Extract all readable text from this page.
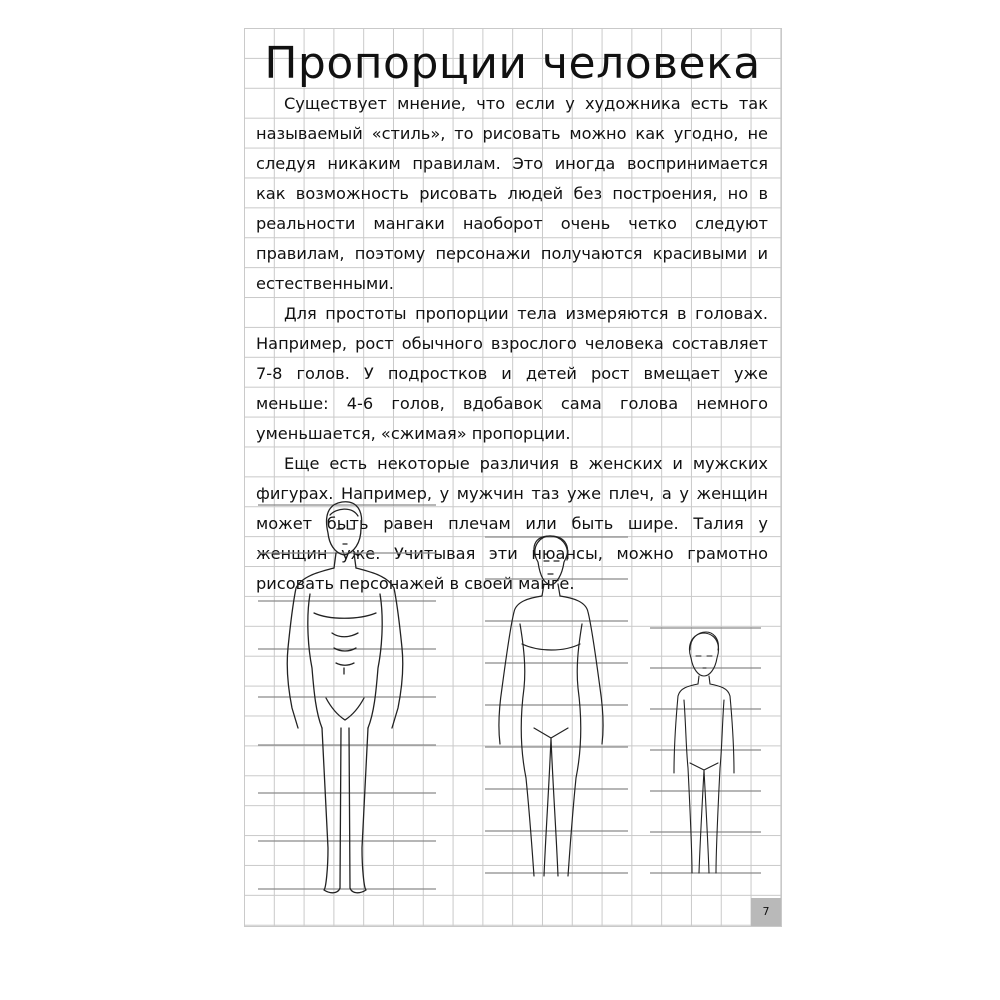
Пропорции человека

Существует мнение, что если у художника есть так называемый «стиль», то рисовать можно как угодно, не следуя никаким правилам. Это иногда воспринимается как возможность рисовать людей без построения, но в реальности мангаки наоборот очень четко следуют правилам, поэтому персонажи получаются красивыми и естественными.

Для простоты пропорции тела измеряются в головах. Например, рост обычного взрослого человека составляет 7-8 голов. У подростков и детей рост вмещает уже меньше: 4-6 голов, вдобавок сама голова немного уменьшается, «сжимая» пропорции.

Еще есть некоторые различия в женских и мужских фигурах. Например, у мужчин таз уже плеч, а у женщин может быть равен плечам или быть шире. Талия у женщин уже. Учитывая эти нюансы, можно грамотно рисовать персонажей в своей манге.

7
